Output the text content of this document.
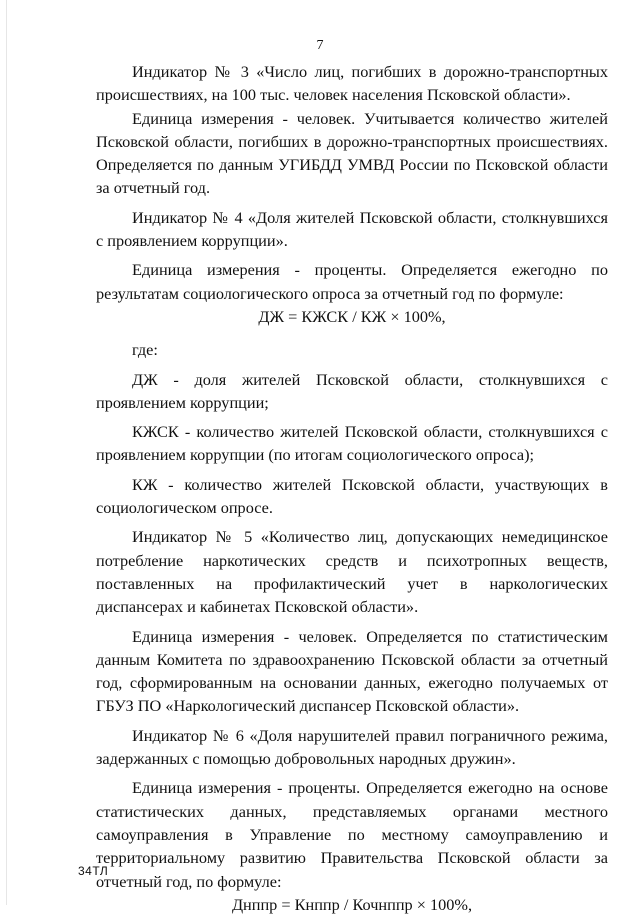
7

Индикатор № 3 «Число лиц, погибших в дорожно-транспортных происшествиях, на 100 тыс. человек населения Псковской области».

Единица измерения - человек. Учитывается количество жителей Псковской области, погибших в дорожно-транспортных происшествиях. Определяется по данным УГИБДД УМВД России по Псковской области за отчетный год.

Индикатор № 4 «Доля жителей Псковской области, столкнувшихся с проявлением коррупции».

Единица измерения - проценты. Определяется ежегодно по результатам социологического опроса за отчетный год по формуле:

ДЖ = КЖСК / КЖ × 100%,

где:

ДЖ - доля жителей Псковской области, столкнувшихся с проявлением коррупции;

КЖСК - количество жителей Псковской области, столкнувшихся с проявлением коррупции (по итогам социологического опроса);

КЖ - количество жителей Псковской области, участвующих в социологическом опросе.

Индикатор № 5 «Количество лиц, допускающих немедицинское потребление наркотических средств и психотропных веществ, поставленных на профилактический учет в наркологических диспансерах и кабинетах Псковской области».

Единица измерения - человек. Определяется по статистическим данным Комитета по здравоохранению Псковской области за отчетный год, сформированным на основании данных, ежегодно получаемых от ГБУЗ ПО «Наркологический диспансер Псковской области».

Индикатор № 6 «Доля нарушителей правил пограничного режима, задержанных с помощью добровольных народных дружин».

Единица измерения - проценты. Определяется ежегодно на основе статистических данных, представляемых органами местного самоуправления в Управление по местному самоуправлению и территориальному развитию Правительства Псковской области за отчетный год, по формуле:

Днппр = Кнппр / Кочнппр × 100%,

34ТЛ
